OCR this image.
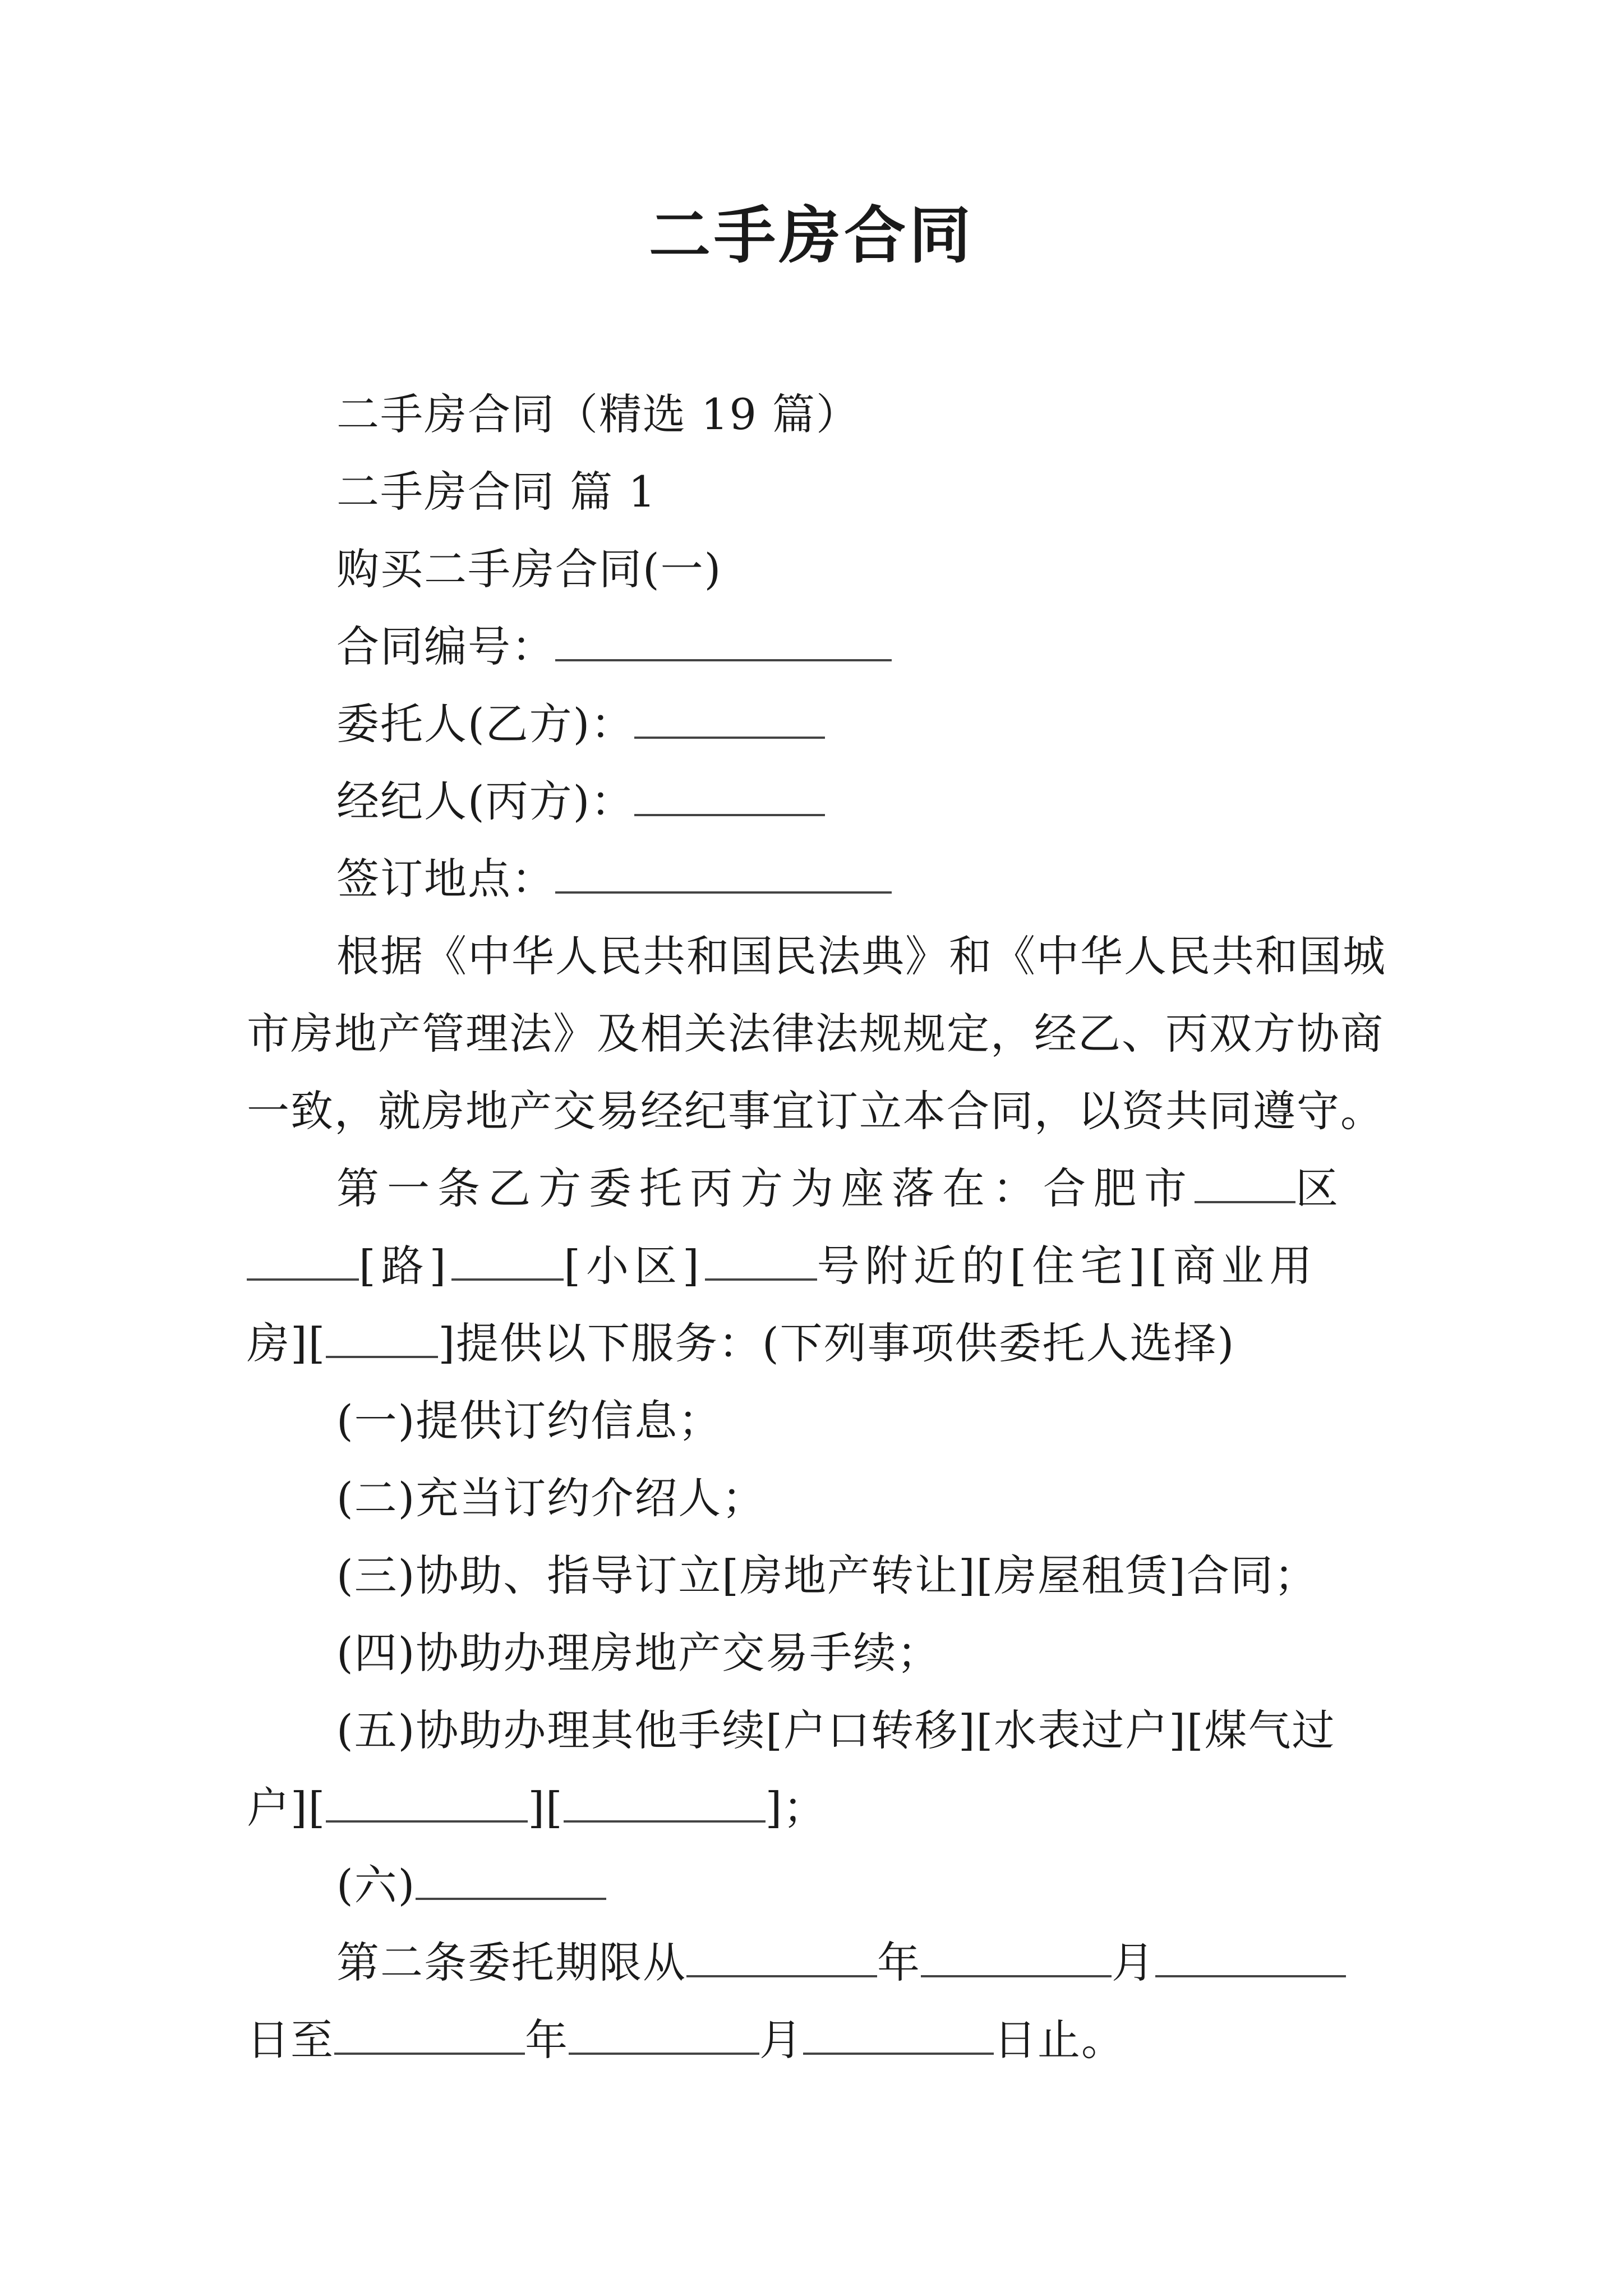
二手房合同

二手房合同（精选 19 篇）

二手房合同 篇 1

购买二手房合同(一)

合同编号：

委托人(乙方)：

经纪人(丙方)：

签订地点：

根据《中华人民共和国民法典》和《中华人民共和国城

市房地产管理法》及相关法律法规规定，经乙、丙双方协商

一致，就房地产交易经纪事宜订立本合同，以资共同遵守。

第一条乙方委托丙方为座落在：合肥市 区

[路]	[小区]	号附近的[住宅][商业用

房][	]提供以下服务：(下列事项供委托人选择)

(一)提供订约信息；

(二)充当订约介绍人；

(三)协助、指导订立[房地产转让][房屋租赁]合同；

(四)协助办理房地产交易手续；

(五)协助办理其他手续[户口转移][水表过户][煤气过

户][	][	]；

(六)

第二条委托期限从	年	月

日至	年	月	日止。
